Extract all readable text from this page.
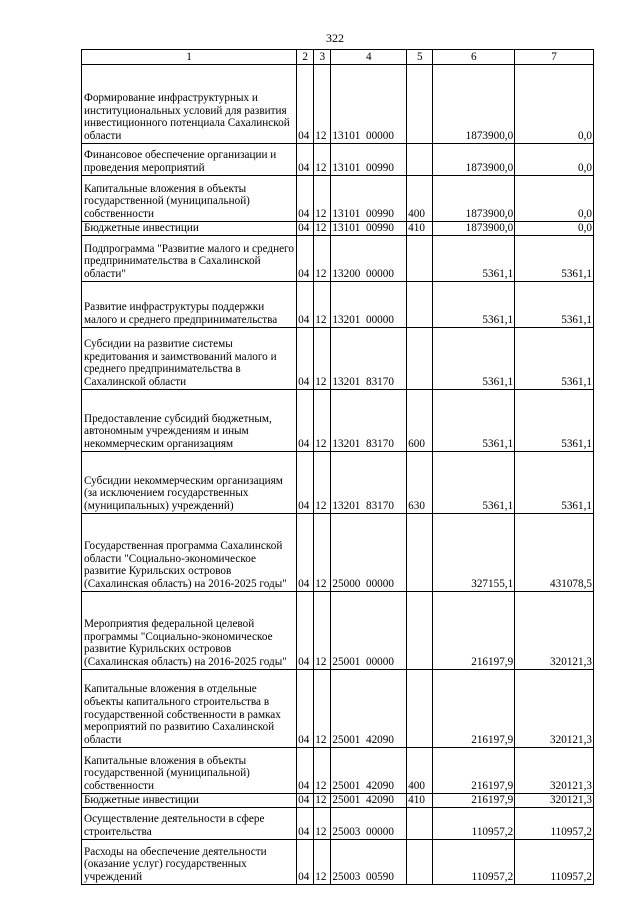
322
1	2	3	4	5	6	7
Формирование инфраструктурных и институциональных условий для развития инвестиционного потенциала Сахалинской области	04	12	13101  00000		1873900,0	0,0
Финансовое обеспечение организации и проведения мероприятий	04	12	13101  00990		1873900,0	0,0
Капитальные вложения в объекты государственной (муниципальной) собственности	04	12	13101  00990	400	1873900,0	0,0
Бюджетные инвестиции	04	12	13101  00990	410	1873900,0	0,0
Подпрограмма "Развитие малого и среднего предпринимательства в Сахалинской области"	04	12	13200  00000		5361,1	5361,1
Развитие инфраструктуры поддержки малого и среднего предпринимательства	04	12	13201  00000		5361,1	5361,1
Субсидии на развитие системы кредитования и заимствований малого и среднего предпринимательства в Сахалинской области	04	12	13201  83170		5361,1	5361,1
Предоставление субсидий бюджетным, автономным учреждениям и иным некоммерческим организациям	04	12	13201  83170	600	5361,1	5361,1
Субсидии некоммерческим организациям (за исключением государственных (муниципальных) учреждений)	04	12	13201  83170	630	5361,1	5361,1
Государственная программа Сахалинской области "Социально-экономическое развитие Курильских островов (Сахалинская область) на 2016-2025 годы"	04	12	25000  00000		327155,1	431078,5
Мероприятия федеральной целевой программы "Социально-экономическое развитие Курильских островов (Сахалинская область) на 2016-2025 годы"	04	12	25001  00000		216197,9	320121,3
Капитальные вложения в отдельные объекты капитального строительства в государственной собственности в рамках мероприятий по развитию Сахалинской области	04	12	25001  42090		216197,9	320121,3
Капитальные вложения в объекты государственной (муниципальной) собственности	04	12	25001  42090	400	216197,9	320121,3
Бюджетные инвестиции	04	12	25001  42090	410	216197,9	320121,3
Осуществление деятельности в сфере строительства	04	12	25003  00000		110957,2	110957,2
Расходы на обеспечение деятельности (оказание услуг) государственных учреждений	04	12	25003  00590		110957,2	110957,2
